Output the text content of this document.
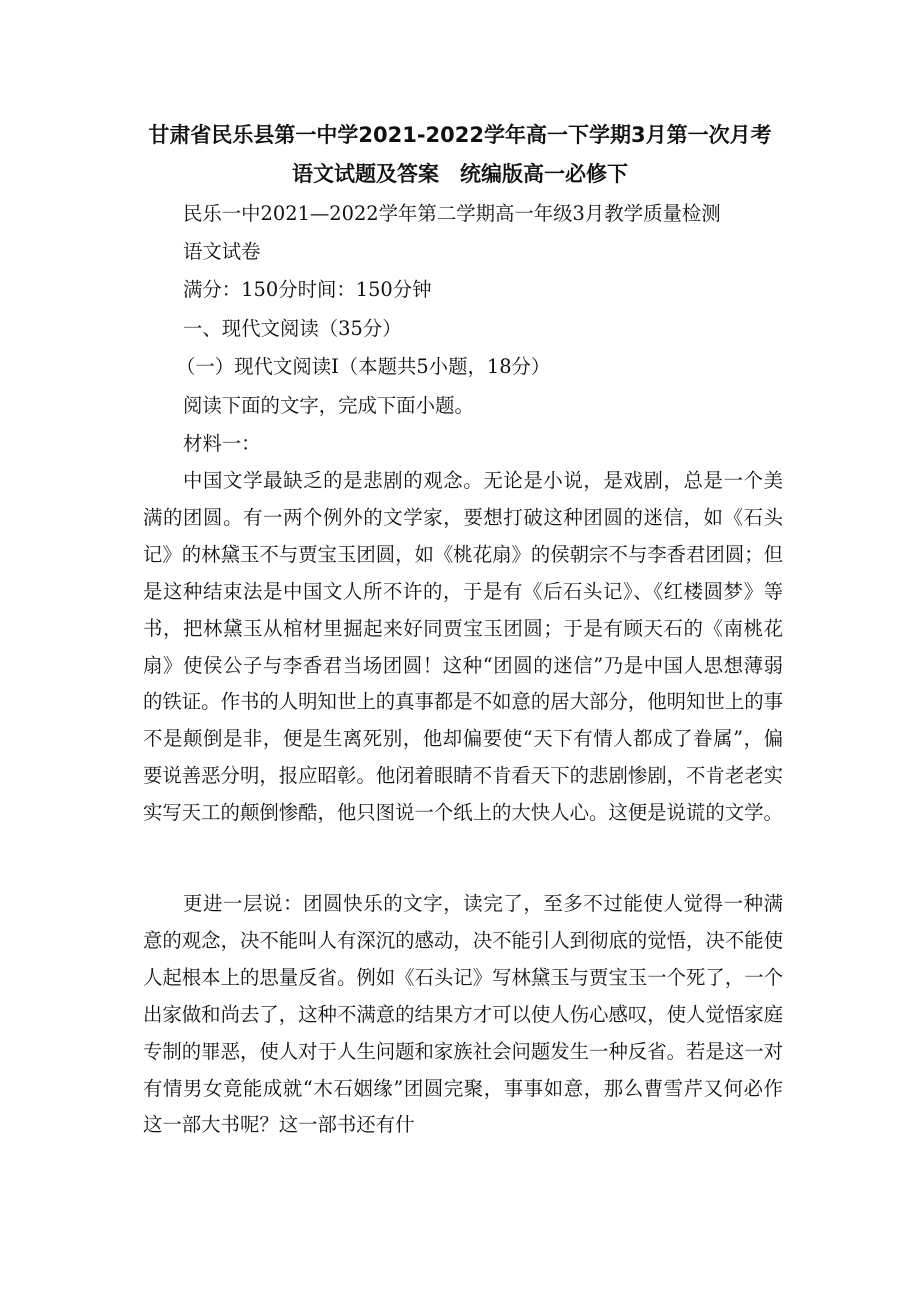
甘肃省民乐县第一中学2021-2022学年高一下学期3月第一次月考
语文试题及答案　统编版高一必修下

民乐一中2021—2022学年第二学期高一年级3月教学质量检测

语文试卷

满分：150分时间：150分钟

一、现代文阅读（35分）

（一）现代文阅读Ⅰ（本题共5小题，18分）

阅读下面的文字，完成下面小题。

材料一：

中国文学最缺乏的是悲剧的观念。无论是小说，是戏剧，总是一个美满的团圆。有一两个例外的文学家，要想打破这种团圆的迷信，如《石头记》的林黛玉不与贾宝玉团圆，如《桃花扇》的侯朝宗不与李香君团圆；但是这种结束法是中国文人所不许的，于是有《后石头记》、《红楼圆梦》等书，把林黛玉从棺材里掘起来好同贾宝玉团圆；于是有顾天石的《南桃花扇》使侯公子与李香君当场团圆！这种“团圆的迷信”乃是中国人思想薄弱的铁证。作书的人明知世上的真事都是不如意的居大部分，他明知世上的事不是颠倒是非，便是生离死别，他却偏要使“天下有情人都成了眷属”，偏要说善恶分明，报应昭彰。他闭着眼睛不肯看天下的悲剧惨剧，不肯老老实实写天工的颠倒惨酷，他只图说一个纸上的大快人心。这便是说谎的文学。

更进一层说：团圆快乐的文字，读完了，至多不过能使人觉得一种满意的观念，决不能叫人有深沉的感动，决不能引人到彻底的觉悟，决不能使人起根本上的思量反省。例如《石头记》写林黛玉与贾宝玉一个死了，一个出家做和尚去了，这种不满意的结果方才可以使人伤心感叹，使人觉悟家庭专制的罪恶，使人对于人生问题和家族社会问题发生一种反省。若是这一对有情男女竟能成就“木石姻缘”团圆完聚，事事如意，那么曹雪芹又何必作这一部大书呢？这一部书还有什
